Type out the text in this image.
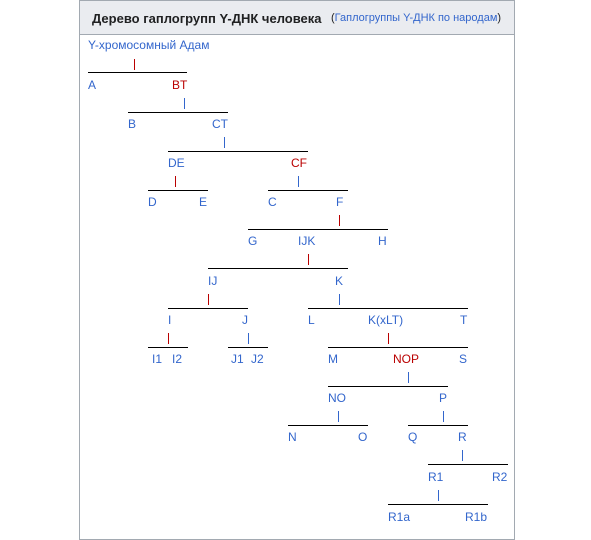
Дерево гаплогрупп Y-ДНК человека (Гаплогруппы Y-ДНК по народам)
Y-хромосомный Адам
A	BT
B	CT
DE	CF
D	E	C	F
G	IJK	H
IJ	K
I	J	L	K(xLT)	T
I1 I2	J1 J2	M	NOP	S
NO	P
N	O	Q	R
R1	R2
R1a	R1b
